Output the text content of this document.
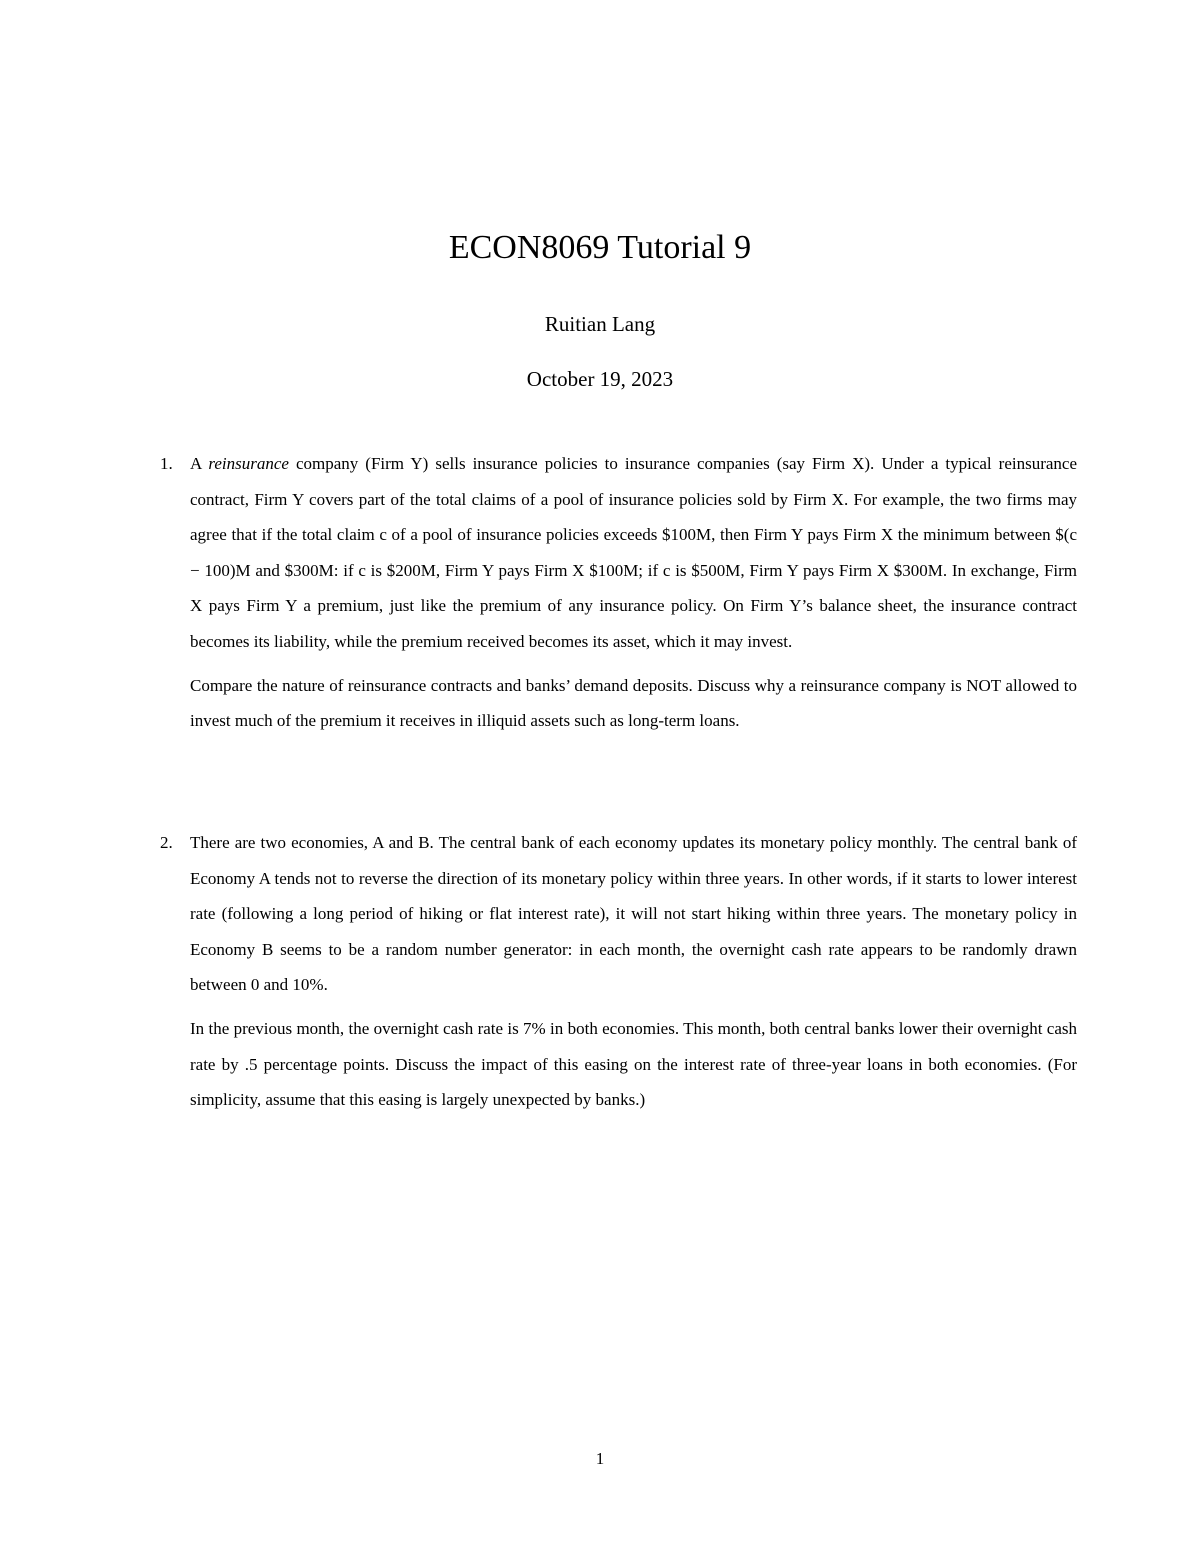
ECON8069 Tutorial 9
Ruitian Lang
October 19, 2023
1.	A reinsurance company (Firm Y) sells insurance policies to insurance companies (say Firm X). Under a typical reinsurance contract, Firm Y covers part of the total claims of a pool of insurance policies sold by Firm X. For example, the two firms may agree that if the total claim c of a pool of insurance policies exceeds $100M, then Firm Y pays Firm X the minimum between $(c − 100)M and $300M: if c is $200M, Firm Y pays Firm X $100M; if c is $500M, Firm Y pays Firm X $300M. In exchange, Firm X pays Firm Y a premium, just like the premium of any insurance policy. On Firm Y’s balance sheet, the insurance contract becomes its liability, while the premium received becomes its asset, which it may invest.

Compare the nature of reinsurance contracts and banks’ demand deposits. Discuss why a reinsurance company is NOT allowed to invest much of the premium it receives in illiquid assets such as long-term loans.

2.	There are two economies, A and B. The central bank of each economy updates its monetary policy monthly. The central bank of Economy A tends not to reverse the direction of its monetary policy within three years. In other words, if it starts to lower interest rate (following a long period of hiking or flat interest rate), it will not start hiking within three years. The monetary policy in Economy B seems to be a random number generator: in each month, the overnight cash rate appears to be randomly drawn between 0 and 10%.

In the previous month, the overnight cash rate is 7% in both economies. This month, both central banks lower their overnight cash rate by .5 percentage points. Discuss the impact of this easing on the interest rate of three-year loans in both economies. (For simplicity, assume that this easing is largely unexpected by banks.)

1
